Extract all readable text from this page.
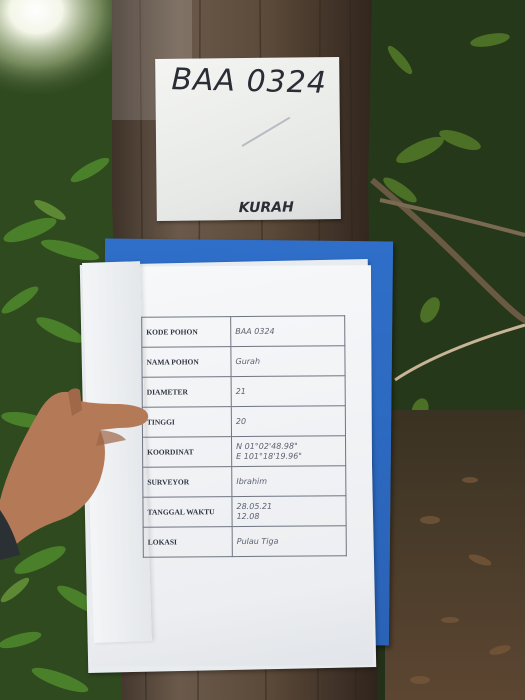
BAA 0324
KURAH
KODE POHON	BAA 0324

NAMA POHON	Gurah

DIAMETER	21

TINGGI	20

KOORDINAT	N 01°02'48.98"
E 101°18'19.96"

SURVEYOR	Ibrahim

TANGGAL WAKTU	28.05.21
12.08

LOKASI	Pulau Tiga
